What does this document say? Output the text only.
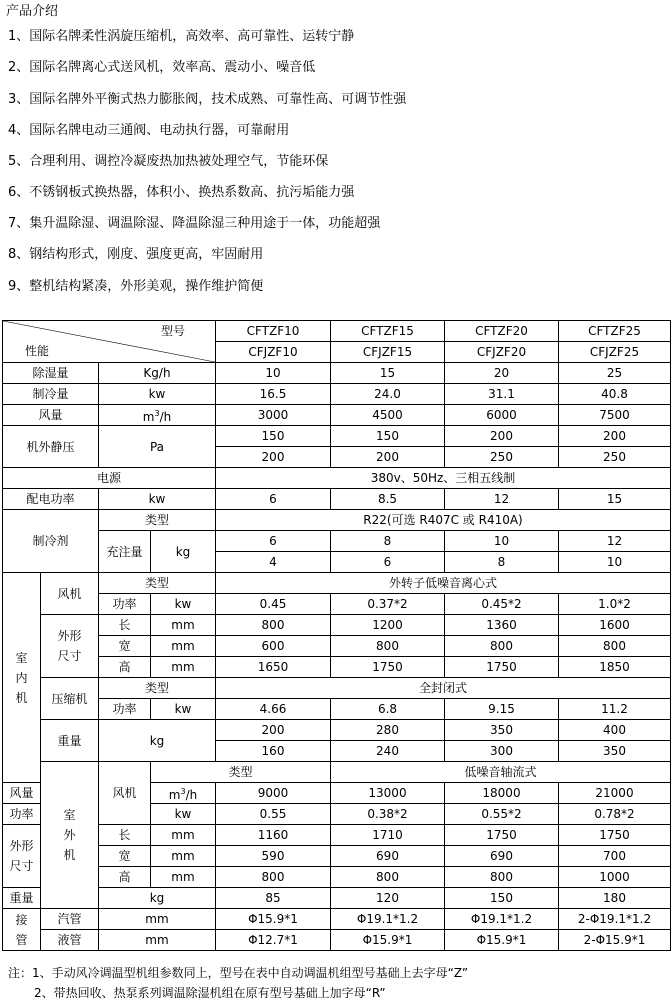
产品介绍
1、国际名牌柔性涡旋压缩机，高效率、高可靠性、运转宁静
2、国际名牌离心式送风机，效率高、震动小、噪音低
3、国际名牌外平衡式热力膨胀阀，技术成熟、可靠性高、可调节性强
4、国际名牌电动三通阀、电动执行器，可靠耐用
5、合理利用、调控冷凝废热加热被处理空气，节能环保
6、不锈钢板式换热器，体积小、换热系数高、抗污垢能力强
7、集升温除湿、调温除湿、降温除湿三种用途于一体，功能超强
8、钢结构形式，刚度、强度更高，牢固耐用
9、整机结构紧凑，外形美观，操作维护简便
型号
性能				CFTZF10	CFTZF15	CFTZF20	CFTZF25
				CFJZF10	CFJZF15	CFJZF20	CFJZF25
除湿量		Kg/h		10	15	20	25
制冷量		kw		16.5	24.0	31.1	40.8
风量		$m^3/h$		3000	4500	6000	7500
机外静压		Pa		150	150	200	200
				200	200	250	250
电源				380v、50Hz、三相五线制			
配电功率		kw		6	8.5	12	15
制冷剂		类型		R22(可选 R407C 或 R410A)			
		充注量	kg	6	8	10	12
				4	6	8	10
室内机	风机	类型		外转子低噪音离心式			
		功率	kw	0.45	0.37*2	0.45*2	1.0*2
	外形尺寸	长	mm	800	1200	1360	1600
		宽	mm	600	800	800	800
		高	mm	1650	1750	1750	1850
	压缩机	类型		全封闭式			
		功率	kw	4.66	6.8	9.15	11.2
	重量	kg		200	280	350	400
				160	240	300	350
	室外机	风机	类型		低噪音轴流式		
风量			$m^3/h$	9000	13000	18000	21000
功率			kw	0.55	0.38*2	0.55*2	0.78*2
外形尺寸		长	mm	1160	1710	1750	1750
		宽	mm	590	690	690	700
		高	mm	800	800	800	1000
重量		kg		85	120	150	180
接管	汽管	mm		Φ15.9*1	Φ19.1*1.2	Φ19.1*1.2	2-Φ19.1*1.2
	液管	mm		Φ12.7*1	Φ15.9*1	Φ15.9*1	2-Φ15.9*1
注：1、手动风冷调温型机组参数同上，型号在表中自动调温机组型号基础上去字母“Z”
2、带热回收、热泵系列调温除湿机组在原有型号基础上加字母“R”
